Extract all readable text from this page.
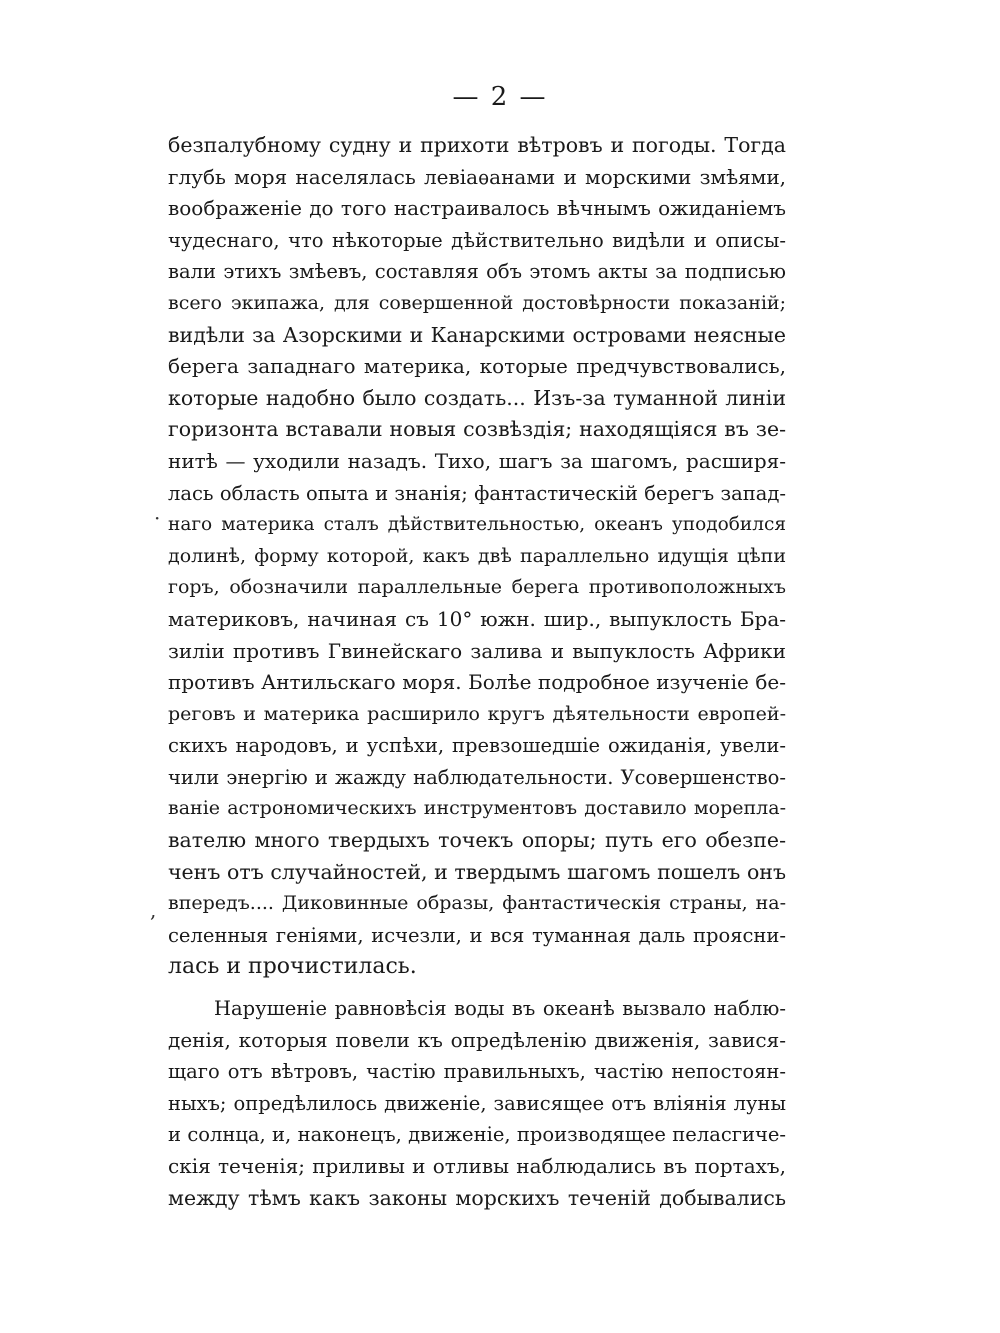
— 2 —
·
,
безпалубному судну и прихоти вѣтровъ и погоды. Тогда
глубь моря населялась левіаѳанами и морскими змѣями,
воображеніе до того настраивалось вѣчнымъ ожиданіемъ
чудеснаго, что нѣкоторые дѣйствительно видѣли и описы-
вали этихъ змѣевъ, составляя объ этомъ акты за подписью
всего экипажа, для совершенной достовѣрности показаній;
видѣли за Азорскими и Канарскими островами неясные
берега западнаго материка, которые предчувствовались,
которые надобно было создать... Изъ-за туманной линіи
горизонта вставали новыя созвѣздія; находящіяся въ зе-
нитѣ — уходили назадъ. Тихо, шагъ за шагомъ, расширя-
лась область опыта и знанія; фантастическій берегъ запад-
наго материка сталъ дѣйствительностью, океанъ уподобился
долинѣ, форму которой, какъ двѣ параллельно идущія цѣпи
горъ, обозначили параллельные берега противоположныхъ
материковъ, начиная съ 10° южн. шир., выпуклость Бра-
зиліи противъ Гвинейскаго залива и выпуклость Африки
противъ Антильскаго моря. Болѣе подробное изученіе бе-
реговъ и материка расширило кругъ дѣятельности европей-
скихъ народовъ, и успѣхи, превзошедшіе ожиданія, увели-
чили энергію и жажду наблюдательности. Усовершенство-
ваніе астрономическихъ инструментовъ доставило морепла-
вателю много твердыхъ точекъ опоры; путь его обезпе-
ченъ отъ случайностей, и твердымъ шагомъ пошелъ онъ
впередъ.... Диковинные образы, фантастическія страны, на-
селенныя геніями, исчезли, и вся туманная даль проясни-
лась и прочистилась.
Нарушеніе равновѣсія воды въ океанѣ вызвало наблю-
денія, которыя повели къ опредѣленію движенія, завися-
щаго отъ вѣтровъ, частію правильныхъ, частію непостоян-
ныхъ; опредѣлилось движеніе, зависящее отъ вліянія луны
и солнца, и, наконецъ, движеніе, производящее пеласгиче-
скія теченія; приливы и отливы наблюдались въ портахъ,
между тѣмъ какъ законы морскихъ теченій добывались
